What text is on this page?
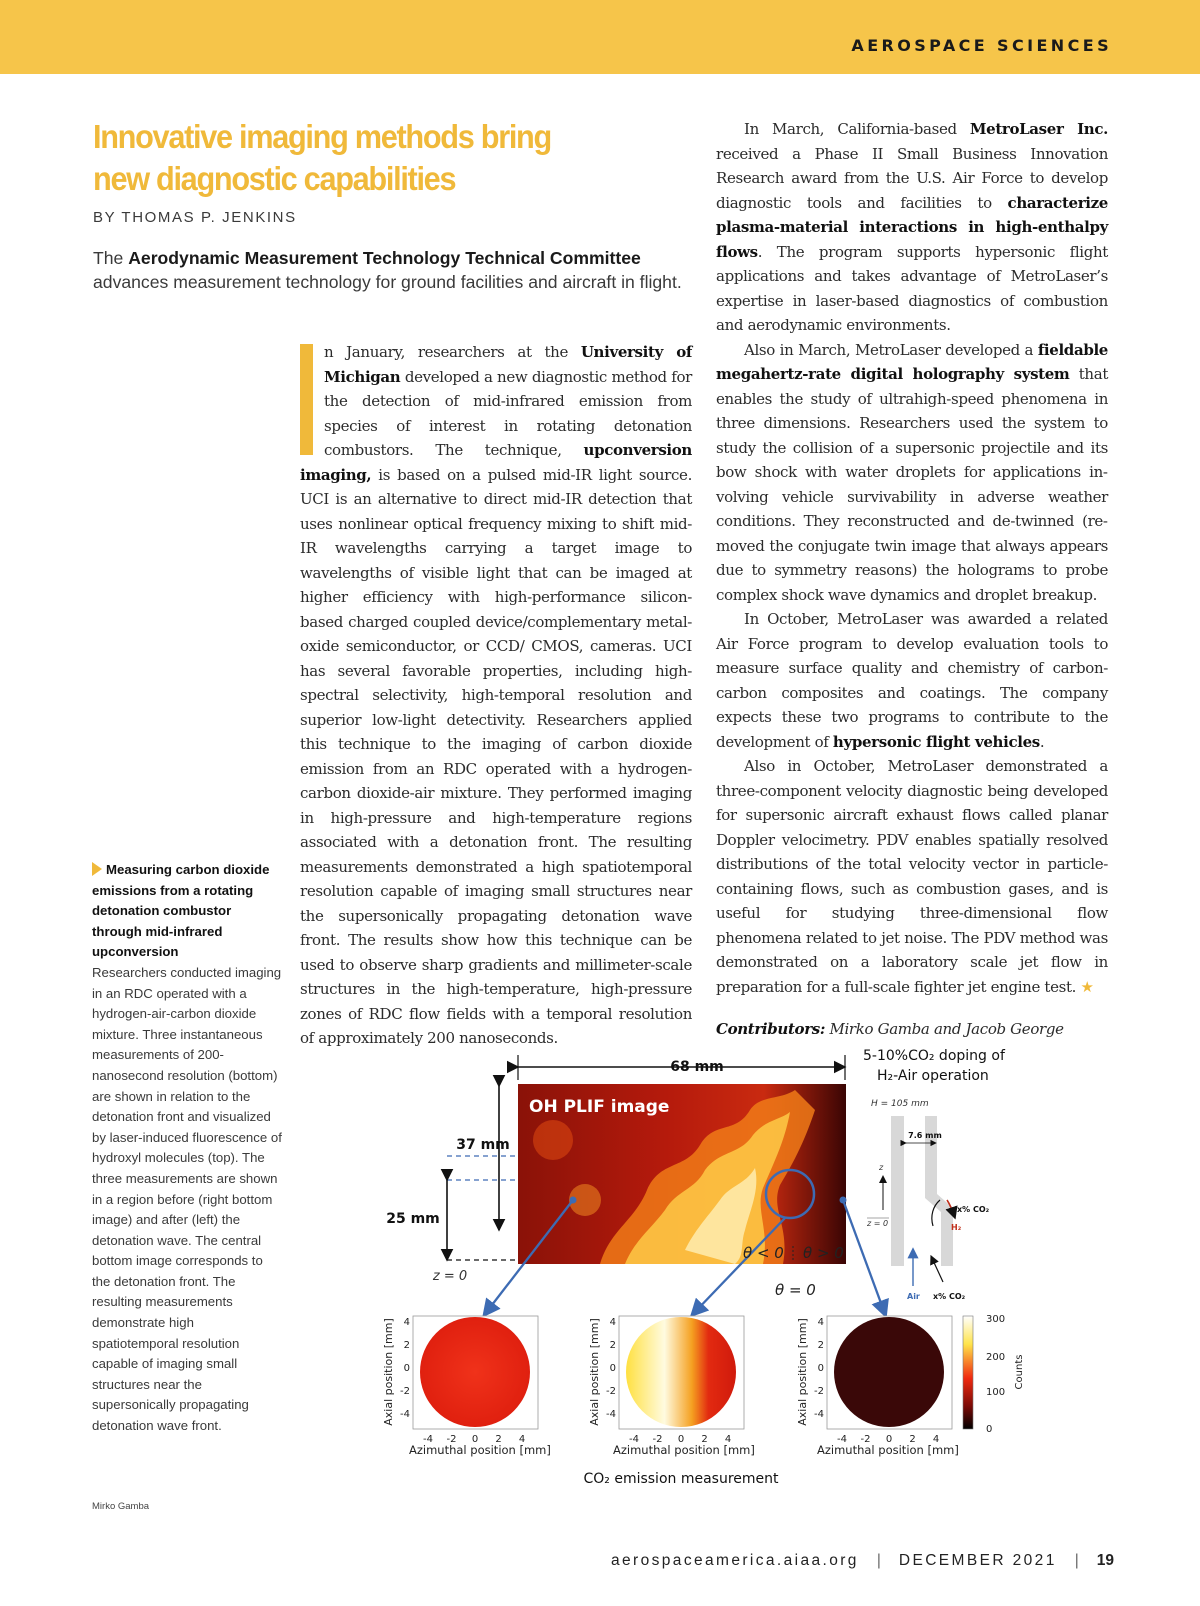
AEROSPACE SCIENCES
Innovative imaging methods bring new diagnostic capabilities
BY THOMAS P. JENKINS
The Aerodynamic Measurement Technology Technical Committee advances measurement technology for ground facilities and aircraft in flight.

n January, researchers at the University of Michigan developed a new diagnostic method for the detection of mid-infrared emission from species of interest in rotating detonation combustors. The technique, upconversion imaging, is based on a pulsed mid-IR light source. UCI is an alternative to direct mid-IR detection that uses nonlinear optical frequency mixing to shift mid-IR wavelengths carrying a target image to wavelengths of visible light that can be imaged at higher efficiency with high-performance silicon-based charged coupled device/complementary metal-oxide semiconductor, or CCD/ CMOS, cameras. UCI has several favorable properties, including high-spectral selectivity, high-temporal resolution and superior low-light detectivity. Researchers applied this technique to the imaging of carbon dioxide emission from an RDC operated with a hydrogen-carbon dioxide-air mixture. They performed imaging in high-pressure and high-temperature regions associated with a detonation front. The resulting measurements demonstrated a high spatiotemporal resolution capable of imaging small structures near the supersonically propagating detonation wave front. The results show how this technique can be used to observe sharp gradients and millimeter-scale structures in the high-temperature, high-pressure zones of RDC flow fields with a temporal resolution of approximately 200 nanoseconds.

In March, California-based MetroLaser Inc. received a Phase II Small Business Innovation Research award from the U.S. Air Force to develop diagnostic tools and facilities to characterize plasma-material interactions in high-enthalpy flows. The program supports hypersonic flight applications and takes advantage of MetroLaser’s expertise in laser-based diagnostics of combustion and aerodynamic environments.

Also in March, MetroLaser developed a fieldable megahertz-rate digital holography system that enables the study of ultrahigh-speed phenomena in three dimensions. Researchers used the system to study the collision of a supersonic projectile and its bow shock with water droplets for applications involving vehicle survivability in adverse weather conditions. They reconstructed and de-twinned (removed the conjugate twin image that always appears due to symmetry reasons) the holograms to probe complex shock wave dynamics and droplet breakup.

In October, MetroLaser was awarded a related Air Force program to develop evaluation tools to measure surface quality and chemistry of carbon-carbon composites and coatings. The company expects these two programs to contribute to the development of hypersonic flight vehicles.

Also in October, MetroLaser demonstrated a three-component velocity diagnostic being developed for supersonic aircraft exhaust flows called planar Doppler velocimetry. PDV enables spatially resolved distributions of the total velocity vector in particle-containing flows, such as combustion gases, and is useful for studying three-dimensional flow phenomena related to jet noise. The PDV method was demonstrated on a laboratory scale jet flow in preparation for a full-scale fighter jet engine test. ★

Contributors: Mirko Gamba and Jacob George

Measuring carbon dioxide emissions from a rotating detonation combustor through mid-infrared upconversion
Researchers conducted imaging in an RDC operated with a hydrogen-air-carbon dioxide mixture. Three instantaneous measurements of 200-nanosecond resolution (bottom) are shown in relation to the detonation front and visualized by laser-induced fluorescence of hydroxyl molecules (top). The three measurements are shown in a region before (right bottom image) and after (left) the detonation wave. The central bottom image corresponds to the detonation front. The resulting measurements demonstrate high spatiotemporal resolution capable of imaging small structures near the supersonically propagating detonation wave front.
Mirko Gamba
68 mm
OH PLIF image
37 mm
25 mm
z = 0
θ < 0 θ > 0
θ = 0
5-10%CO₂ doping of
H₂-Air operation
H = 105 mm
7.6 mm
z
z = 0
x% CO₂
H₂
Air x% CO₂
-4 -2 0 2 4
4
2
0
-2
-4
-4 -2 0 2 4
4
2
0
-2
-4
-4 -2 0 2 4
4
2
0
-2
-4
300
200
100
0
Counts
Azimuthal position [mm]	Azimuthal position [mm]	Azimuthal position [mm]
Axial position [mm]	Axial position [mm]	Axial position [mm]
CO₂ emission measurement
aerospaceamerica.aiaa.org | DECEMBER 2021 | 19
